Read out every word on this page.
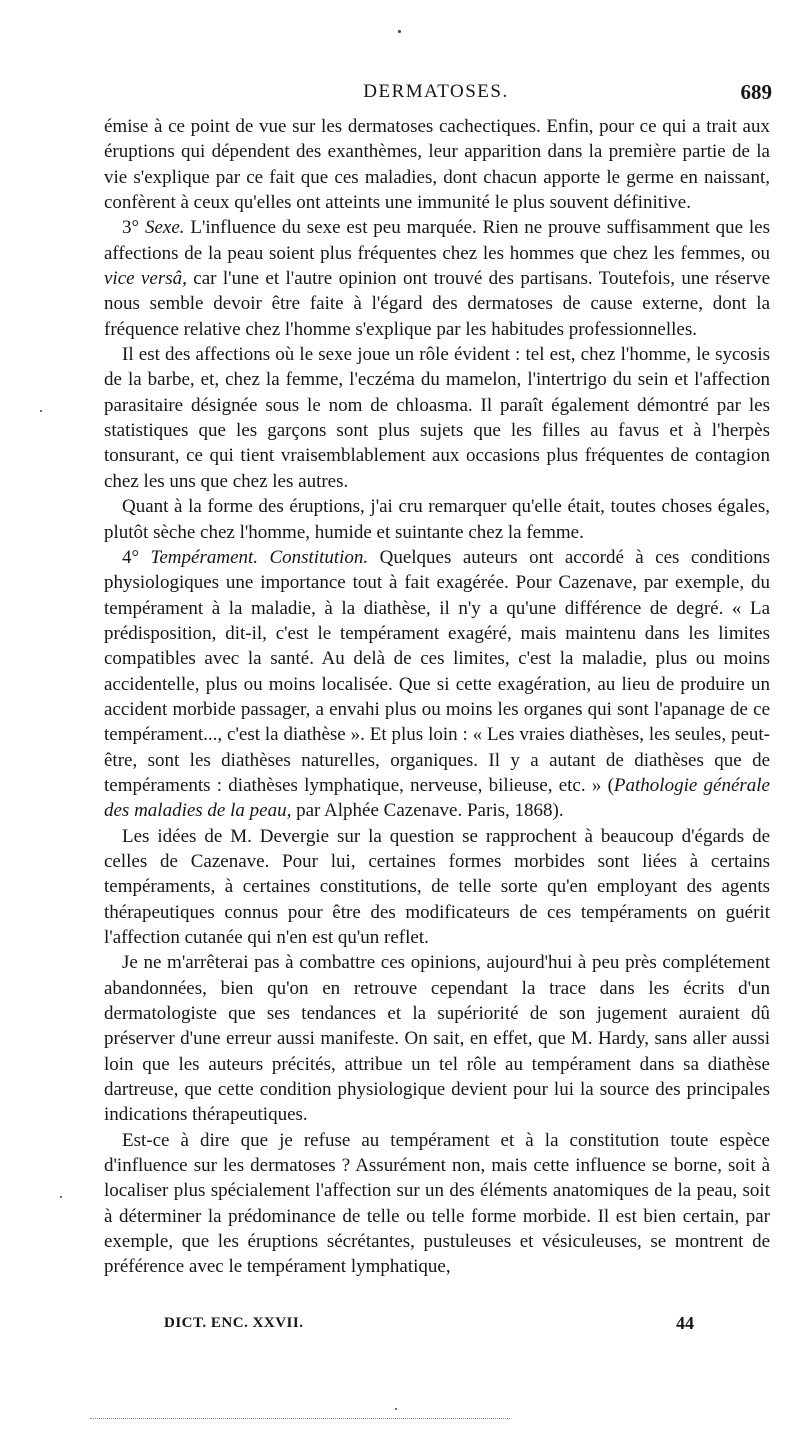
DERMATOSES.	689

émise à ce point de vue sur les dermatoses cachectiques. Enfin, pour ce qui a trait aux éruptions qui dépendent des exanthèmes, leur apparition dans la première partie de la vie s'explique par ce fait que ces maladies, dont chacun apporte le germe en naissant, confèrent à ceux qu'elles ont atteints une immunité le plus souvent définitive.

3° Sexe. L'influence du sexe est peu marquée. Rien ne prouve suffisamment que les affections de la peau soient plus fréquentes chez les hommes que chez les femmes, ou vice versâ, car l'une et l'autre opinion ont trouvé des partisans. Toutefois, une réserve nous semble devoir être faite à l'égard des dermatoses de cause externe, dont la fréquence relative chez l'homme s'explique par les habitudes professionnelles.

Il est des affections où le sexe joue un rôle évident : tel est, chez l'homme, le sycosis de la barbe, et, chez la femme, l'eczéma du mamelon, l'intertrigo du sein et l'affection parasitaire désignée sous le nom de chloasma. Il paraît également démontré par les statistiques que les garçons sont plus sujets que les filles au favus et à l'herpès tonsurant, ce qui tient vraisemblablement aux occasions plus fréquentes de contagion chez les uns que chez les autres.

Quant à la forme des éruptions, j'ai cru remarquer qu'elle était, toutes choses égales, plutôt sèche chez l'homme, humide et suintante chez la femme.

4° Tempérament. Constitution. Quelques auteurs ont accordé à ces conditions physiologiques une importance tout à fait exagérée. Pour Cazenave, par exemple, du tempérament à la maladie, à la diathèse, il n'y a qu'une différence de degré. « La prédisposition, dit-il, c'est le tempérament exagéré, mais maintenu dans les limites compatibles avec la santé. Au delà de ces limites, c'est la maladie, plus ou moins accidentelle, plus ou moins localisée. Que si cette exagération, au lieu de produire un accident morbide passager, a envahi plus ou moins les organes qui sont l'apanage de ce tempérament..., c'est la diathèse ». Et plus loin : « Les vraies diathèses, les seules, peut-être, sont les diathèses naturelles, organiques. Il y a autant de diathèses que de tempéraments : diathèses lymphatique, nerveuse, bilieuse, etc. » (Pathologie générale des maladies de la peau, par Alphée Cazenave. Paris, 1868).

Les idées de M. Devergie sur la question se rapprochent à beaucoup d'égards de celles de Cazenave. Pour lui, certaines formes morbides sont liées à certains tempéraments, à certaines constitutions, de telle sorte qu'en employant des agents thérapeutiques connus pour être des modificateurs de ces tempéraments on guérit l'affection cutanée qui n'en est qu'un reflet.

Je ne m'arrêterai pas à combattre ces opinions, aujourd'hui à peu près complétement abandonnées, bien qu'on en retrouve cependant la trace dans les écrits d'un dermatologiste que ses tendances et la supériorité de son jugement auraient dû préserver d'une erreur aussi manifeste. On sait, en effet, que M. Hardy, sans aller aussi loin que les auteurs précités, attribue un tel rôle au tempérament dans sa diathèse dartreuse, que cette condition physiologique devient pour lui la source des principales indications thérapeutiques.

Est-ce à dire que je refuse au tempérament et à la constitution toute espèce d'influence sur les dermatoses ? Assurément non, mais cette influence se borne, soit à localiser plus spécialement l'affection sur un des éléments anatomiques de la peau, soit à déterminer la prédominance de telle ou telle forme morbide. Il est bien certain, par exemple, que les éruptions sécrétantes, pustuleuses et vésiculeuses, se montrent de préférence avec le tempérament lymphatique,

DICT. ENC. XXVII.	44
